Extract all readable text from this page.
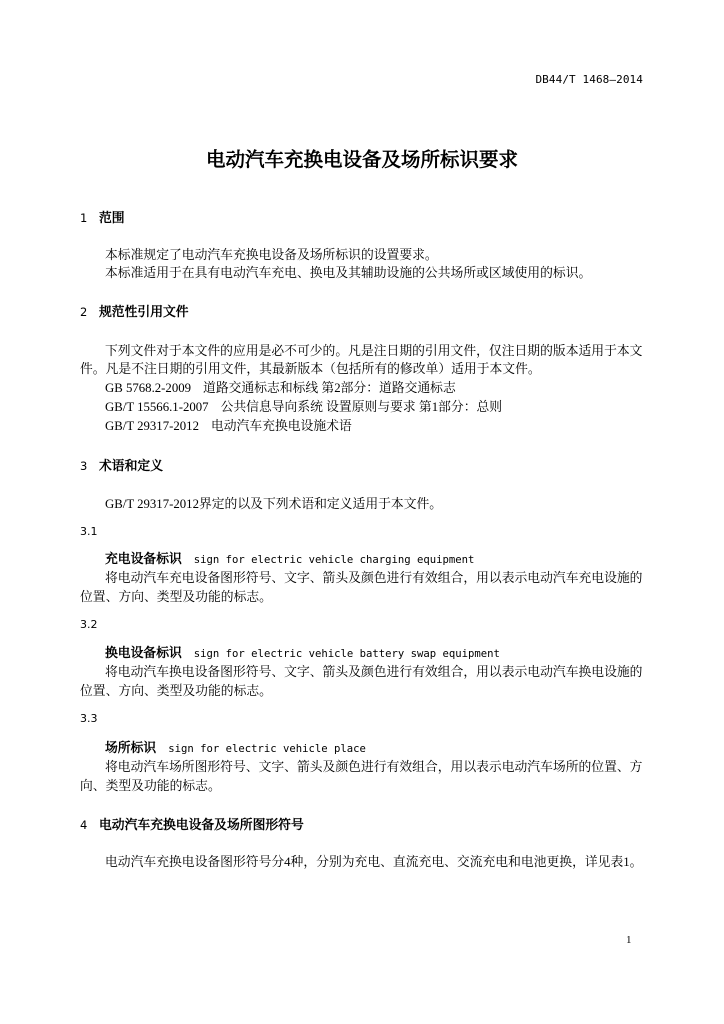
DB44/T 1468—2014
电动汽车充换电设备及场所标识要求
1 范围
本标准规定了电动汽车充换电设备及场所标识的设置要求。
本标准适用于在具有电动汽车充电、换电及其辅助设施的公共场所或区域使用的标识。
2 规范性引用文件
下列文件对于本文件的应用是必不可少的。凡是注日期的引用文件，仅注日期的版本适用于本文
件。凡是不注日期的引用文件，其最新版本（包括所有的修改单）适用于本文件。
GB 5768.2-2009 道路交通标志和标线 第2部分：道路交通标志
GB/T 15566.1-2007 公共信息导向系统 设置原则与要求 第1部分：总则
GB/T 29317-2012 电动汽车充换电设施术语
3 术语和定义
GB/T 29317-2012界定的以及下列术语和定义适用于本文件。
3.1
充电设备标识 sign for electric vehicle charging equipment
将电动汽车充电设备图形符号、文字、箭头及颜色进行有效组合，用以表示电动汽车充电设施的
位置、方向、类型及功能的标志。
3.2
换电设备标识 sign for electric vehicle battery swap equipment
将电动汽车换电设备图形符号、文字、箭头及颜色进行有效组合，用以表示电动汽车换电设施的
位置、方向、类型及功能的标志。
3.3
场所标识 sign for electric vehicle place
将电动汽车场所图形符号、文字、箭头及颜色进行有效组合，用以表示电动汽车场所的位置、方
向、类型及功能的标志。
4 电动汽车充换电设备及场所图形符号
电动汽车充换电设备图形符号分4种，分别为充电、直流充电、交流充电和电池更换，详见表1。
1
